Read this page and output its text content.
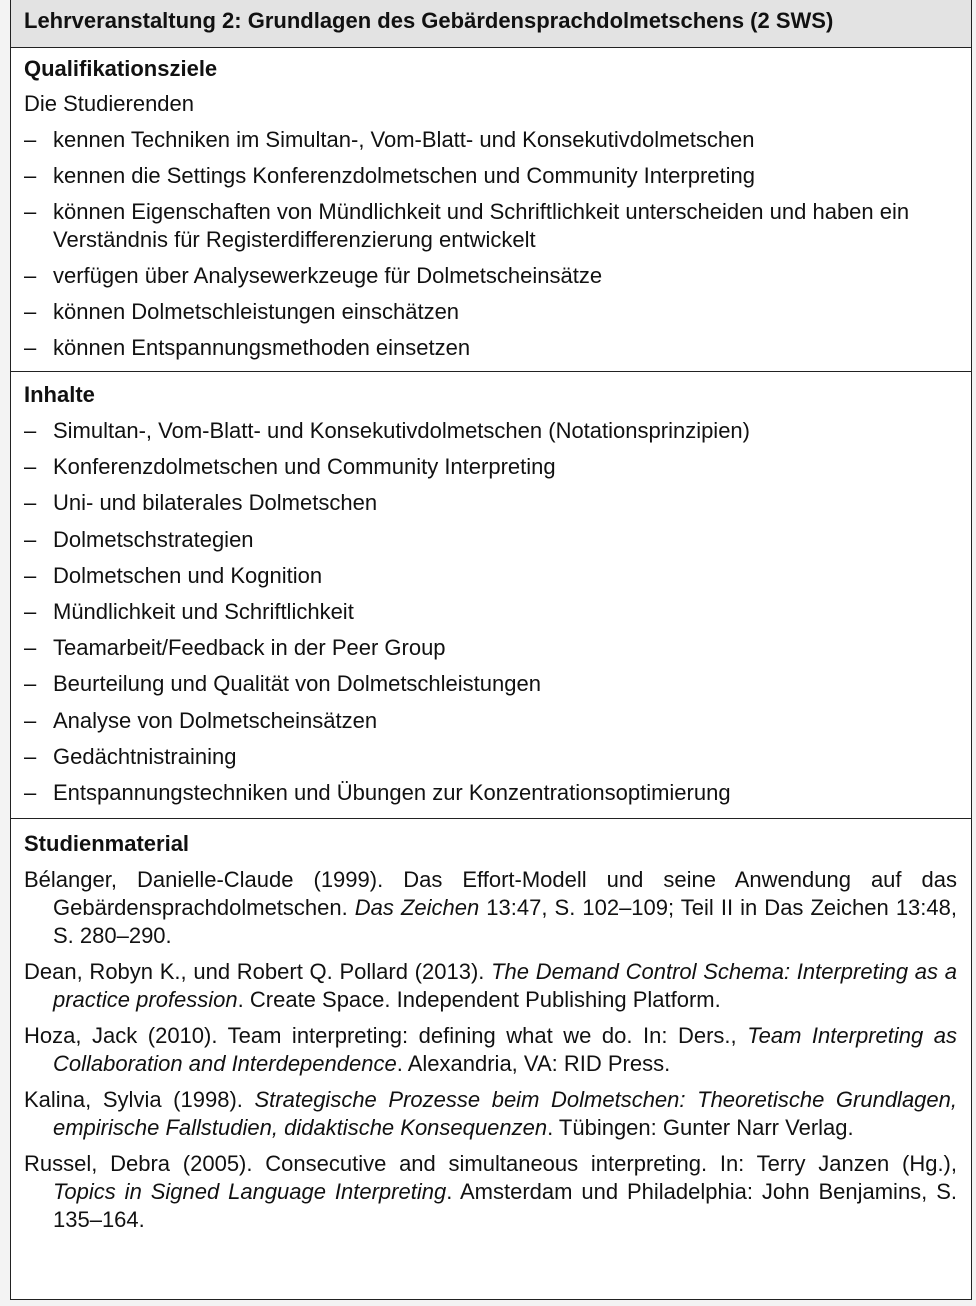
Lehrveranstaltung 2: Grundlagen des Gebärdensprachdolmetschens (2 SWS)
Qualifikationsziele
Die Studierenden
– kennen Techniken im Simultan-, Vom-Blatt- und Konsekutivdolmetschen
– kennen die Settings Konferenzdolmetschen und Community Interpreting
– können Eigenschaften von Mündlichkeit und Schriftlichkeit unterscheiden und haben ein Verständnis für Registerdifferenzierung entwickelt
– verfügen über Analysewerkzeuge für Dolmetscheinsätze
– können Dolmetschleistungen einschätzen
– können Entspannungsmethoden einsetzen
Inhalte
– Simultan-, Vom-Blatt- und Konsekutivdolmetschen (Notationsprinzipien)
– Konferenzdolmetschen und Community Interpreting
– Uni- und bilaterales Dolmetschen
– Dolmetschstrategien
– Dolmetschen und Kognition
– Mündlichkeit und Schriftlichkeit
– Teamarbeit/Feedback in der Peer Group
– Beurteilung und Qualität von Dolmetschleistungen
– Analyse von Dolmetscheinsätzen
– Gedächtnistraining
– Entspannungstechniken und Übungen zur Konzentrationsoptimierung
Studienmaterial
Bélanger, Danielle-Claude (1999). Das Effort-Modell und seine Anwendung auf das Gebärdensprachdolmetschen. Das Zeichen 13:47, S. 102–109; Teil II in Das Zeichen 13:48, S. 280–290.
Dean, Robyn K., und Robert Q. Pollard (2013). The Demand Control Schema: Interpreting as a practice profession. Create Space. Independent Publishing Platform.
Hoza, Jack (2010). Team interpreting: defining what we do. In: Ders., Team Interpreting as Collaboration and Interdependence. Alexandria, VA: RID Press.
Kalina, Sylvia (1998). Strategische Prozesse beim Dolmetschen: Theoretische Grundlagen, empirische Fallstudien, didaktische Konsequenzen. Tübingen: Gunter Narr Verlag.
Russel, Debra (2005). Consecutive and simultaneous interpreting. In: Terry Janzen (Hg.), Topics in Signed Language Interpreting. Amsterdam und Philadelphia: John Benjamins, S. 135–164.
